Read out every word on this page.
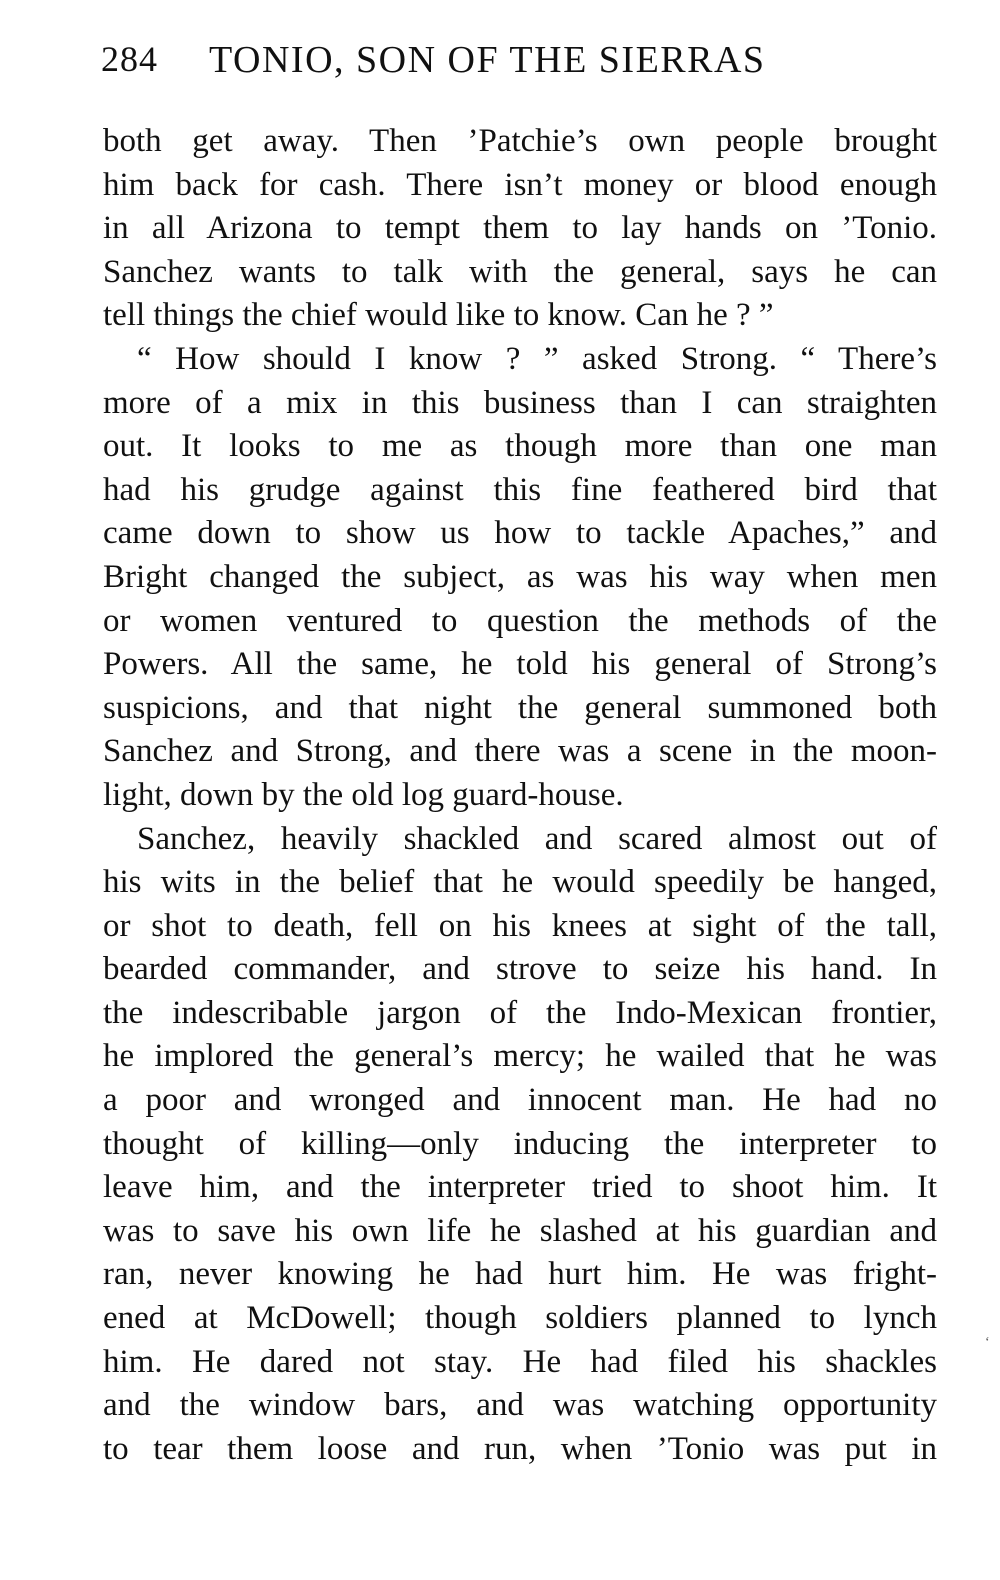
284 TONIO, SON OF THE SIERRAS
both get away. Then ’Patchie’s own people brought
him back for cash. There isn’t money or blood enough
in all Arizona to tempt them to lay hands on ’Tonio.
Sanchez wants to talk with the general, says he can
tell things the chief would like to know. Can he ? ”
“ How should I know ? ” asked Strong. “ There’s
more of a mix in this business than I can straighten
out. It looks to me as though more than one man
had his grudge against this fine feathered bird that
came down to show us how to tackle Apaches,” and
Bright changed the subject, as was his way when men
or women ventured to question the methods of the
Powers. All the same, he told his general of Strong’s
suspicions, and that night the general summoned both
Sanchez and Strong, and there was a scene in the moon-
light, down by the old log guard-house.
Sanchez, heavily shackled and scared almost out of
his wits in the belief that he would speedily be hanged,
or shot to death, fell on his knees at sight of the tall,
bearded commander, and strove to seize his hand. In
the indescribable jargon of the Indo-Mexican frontier,
he implored the general’s mercy; he wailed that he was
a poor and wronged and innocent man. He had no
thought of killing—only inducing the interpreter to
leave him, and the interpreter tried to shoot him. It
was to save his own life he slashed at his guardian and
ran, never knowing he had hurt him. He was fright-
ened at McDowell; though soldiers planned to lynch
him. He dared not stay. He had filed his shackles
and the window bars, and was watching opportunity
to tear them loose and run, when ’Tonio was put in
ʻ
